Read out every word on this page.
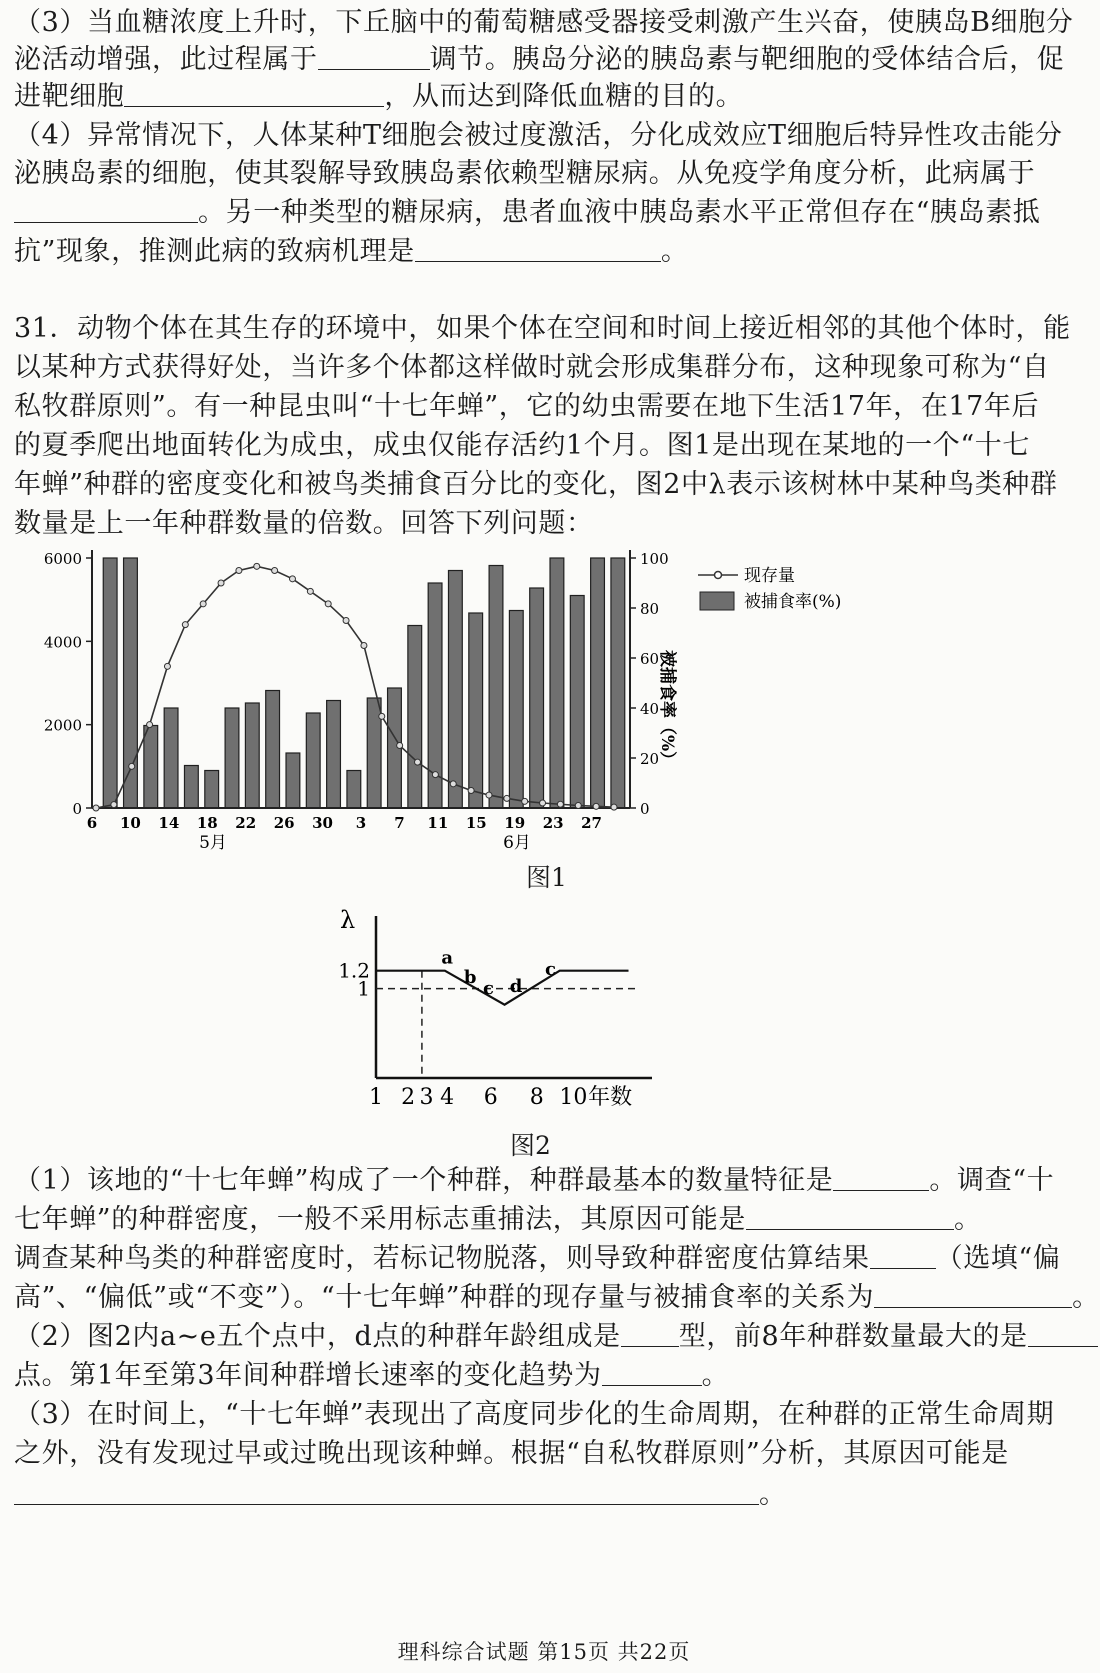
（3）当血糖浓度上升时，下丘脑中的葡萄糖感受器接受刺激产生兴奋，使胰岛B细胞分
泌活动增强，此过程属于	调节。胰岛分泌的胰岛素与靶细胞的受体结合后，促
进靶细胞	，从而达到降低血糖的目的。
（4）异常情况下，人体某种T细胞会被过度激活，分化成效应T细胞后特异性攻击能分
泌胰岛素的细胞，使其裂解导致胰岛素依赖型糖尿病。从免疫学角度分析，此病属于
。另一种类型的糖尿病，患者血液中胰岛素水平正常但存在“胰岛素抵
抗”现象，推测此病的致病机理是	。
31．动物个体在其生存的环境中，如果个体在空间和时间上接近相邻的其他个体时，能
以某种方式获得好处，当许多个体都这样做时就会形成集群分布，这种现象可称为“自
私牧群原则”。有一种昆虫叫“十七年蝉”，它的幼虫需要在地下生活17年，在17年后
的夏季爬出地面转化为成虫，成虫仅能存活约1个月。图1是出现在某地的一个“十七
年蝉”种群的密度变化和被鸟类捕食百分比的变化，图2中λ表示该树林中某种鸟类种群
数量是上一年种群数量的倍数。回答下列问题：
0
2000
4000
6000
0
20
40
60
80
100
被捕食率（%）
6 10 14 18 22 26 30 3 7 11 15 19 23 27
5月	6月
现存量
被捕食率(%)
图1
λ
1.2
1
1 2 3 4 6 8 10 年数
a
b
c d
c
图2
（1）该地的“十七年蝉”构成了一个种群，种群最基本的数量特征是	。调查“十
七年蝉”的种群密度，一般不采用标志重捕法，其原因可能是	。
调查某种鸟类的种群密度时，若标记物脱落，则导致种群密度估算结果 （选填“偏
高”、“偏低”或“不变”）。“十七年蝉”种群的现存量与被捕食率的关系为	。
（2）图2内a~e五个点中，d点的种群年龄组成是 型，前8年种群数量最大的是
点。第1年至第3年间种群增长速率的变化趋势为	。
（3）在时间上，“十七年蝉”表现出了高度同步化的生命周期，在种群的正常生命周期
之外，没有发现过早或过晚出现该种蝉。根据“自私牧群原则”分析，其原因可能是
。
理科综合试题 第15页 共22页
